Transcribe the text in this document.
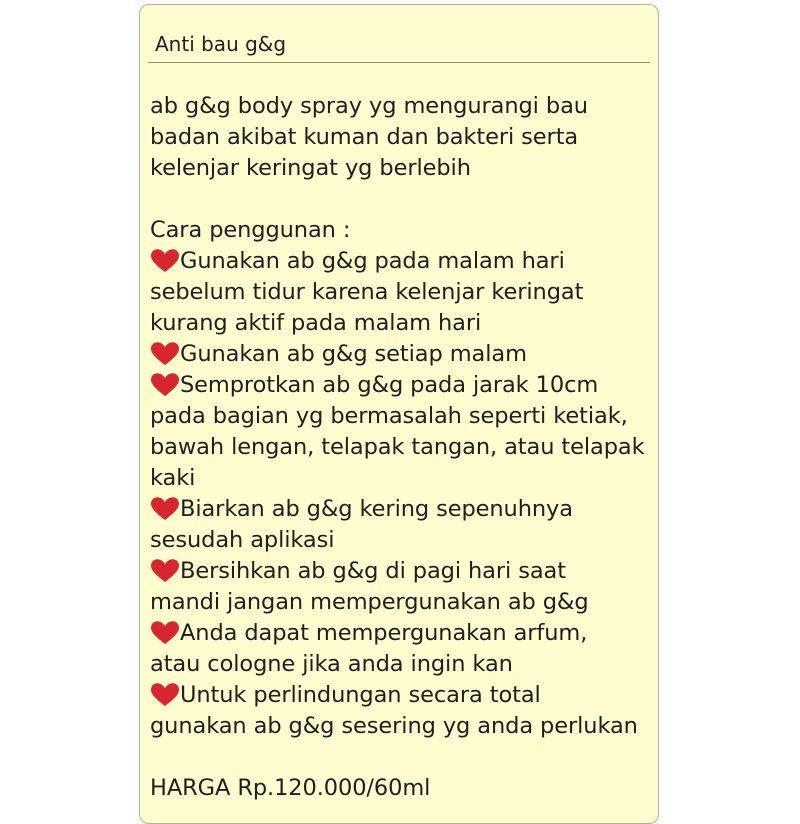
Anti bau g&g
ab g&g body spray yg mengurangi bau
badan akibat kuman dan bakteri serta
kelenjar keringat yg berlebih
Cara penggunan :
Gunakan ab g&g pada malam hari
sebelum tidur karena kelenjar keringat
kurang aktif pada malam hari
Gunakan ab g&g setiap malam
Semprotkan ab g&g pada jarak 10cm
pada bagian yg bermasalah seperti ketiak,
bawah lengan, telapak tangan, atau telapak
kaki
Biarkan ab g&g kering sepenuhnya
sesudah aplikasi
Bersihkan ab g&g di pagi hari saat
mandi jangan mempergunakan ab g&g
Anda dapat mempergunakan arfum,
atau cologne jika anda ingin kan
Untuk perlindungan secara total
gunakan ab g&g sesering yg anda perlukan
HARGA Rp.120.000/60ml
